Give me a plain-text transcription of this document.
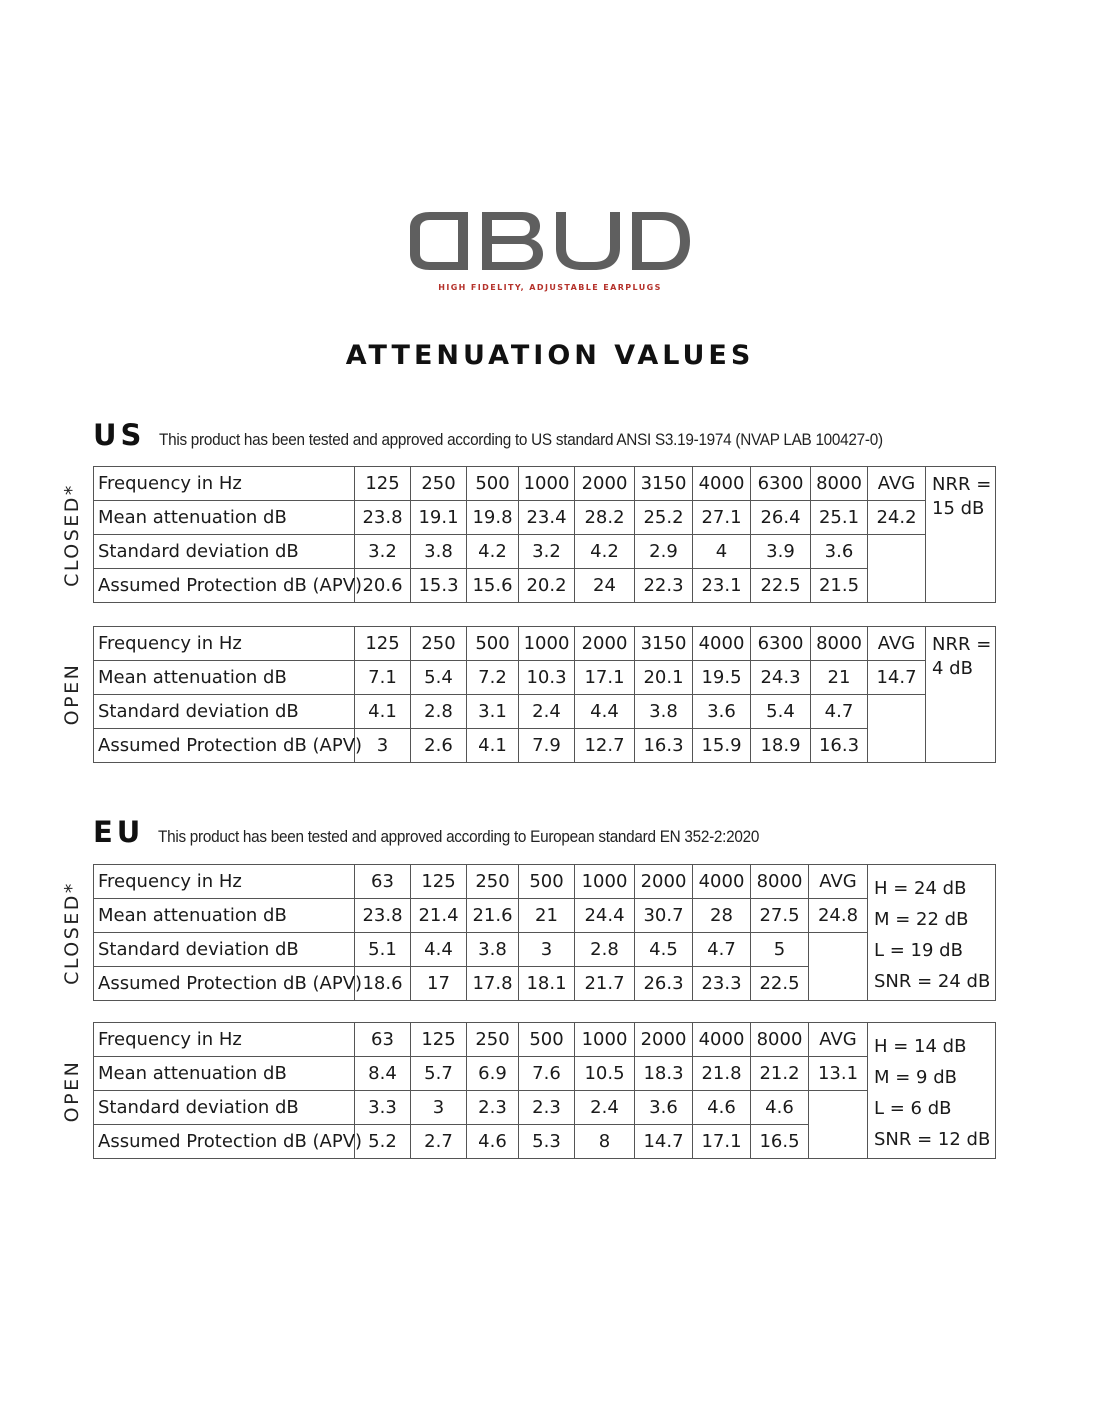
HIGH FIDELITY, ADJUSTABLE EARPLUGS
ATTENUATION VALUES
US This product has been tested and approved according to US standard ANSI S3.19-1974 (NVAP LAB 100427-0)
CLOSED* Frequency in Hz	125	250	500	1000	2000	3150	4000	6300	8000	AVG	NRR = 15 dB
Mean attenuation dB	23.8	19.1	19.8	23.4	28.2	25.2	27.1	26.4	25.1	24.2	
Standard deviation dB	3.2	3.8	4.2	3.2	4.2	2.9	4	3.9	3.6		
Assumed Protection dB (APV)	20.6	15.3	15.6	20.2	24	22.3	23.1	22.5	21.5		
OPEN
Frequency in Hz	125	250	500	1000	2000	3150	4000	6300	8000	AVG	NRR = 4 dB
Mean attenuation dB	7.1	5.4	7.2	10.3	17.1	20.1	19.5	24.3	21	14.7	
Standard deviation dB	4.1	2.8	3.1	2.4	4.4	3.8	3.6	5.4	4.7		
Assumed Protection dB (APV)	3	2.6	4.1	7.9	12.7	16.3	15.9	18.9	16.3		
EU This product has been tested and approved according to European standard EN 352-2:2020
CLOSED* Frequency in Hz	63	125	250	500	1000	2000	4000	8000	AVG	H = 24 dB
M = 22 dB
L = 19 dB
SNR = 24 dB

Mean attenuation dB	23.8	21.4	21.6	21	24.4	30.7	28	27.5	24.8	
Standard deviation dB	5.1	4.4	3.8	3	2.8	4.5	4.7	5		
Assumed Protection dB (APV)	18.6	17	17.8	18.1	21.7	26.3	23.3	22.5		
OPEN
Frequency in Hz	63	125	250	500	1000	2000	4000	8000	AVG	H = 14 dB
M = 9 dB
L = 6 dB
SNR = 12 dB

Mean attenuation dB	8.4	5.7	6.9	7.6	10.5	18.3	21.8	21.2	13.1	
Standard deviation dB	3.3	3	2.3	2.3	2.4	3.6	4.6	4.6		
Assumed Protection dB (APV)	5.2	2.7	4.6	5.3	8	14.7	17.1	16.5		
